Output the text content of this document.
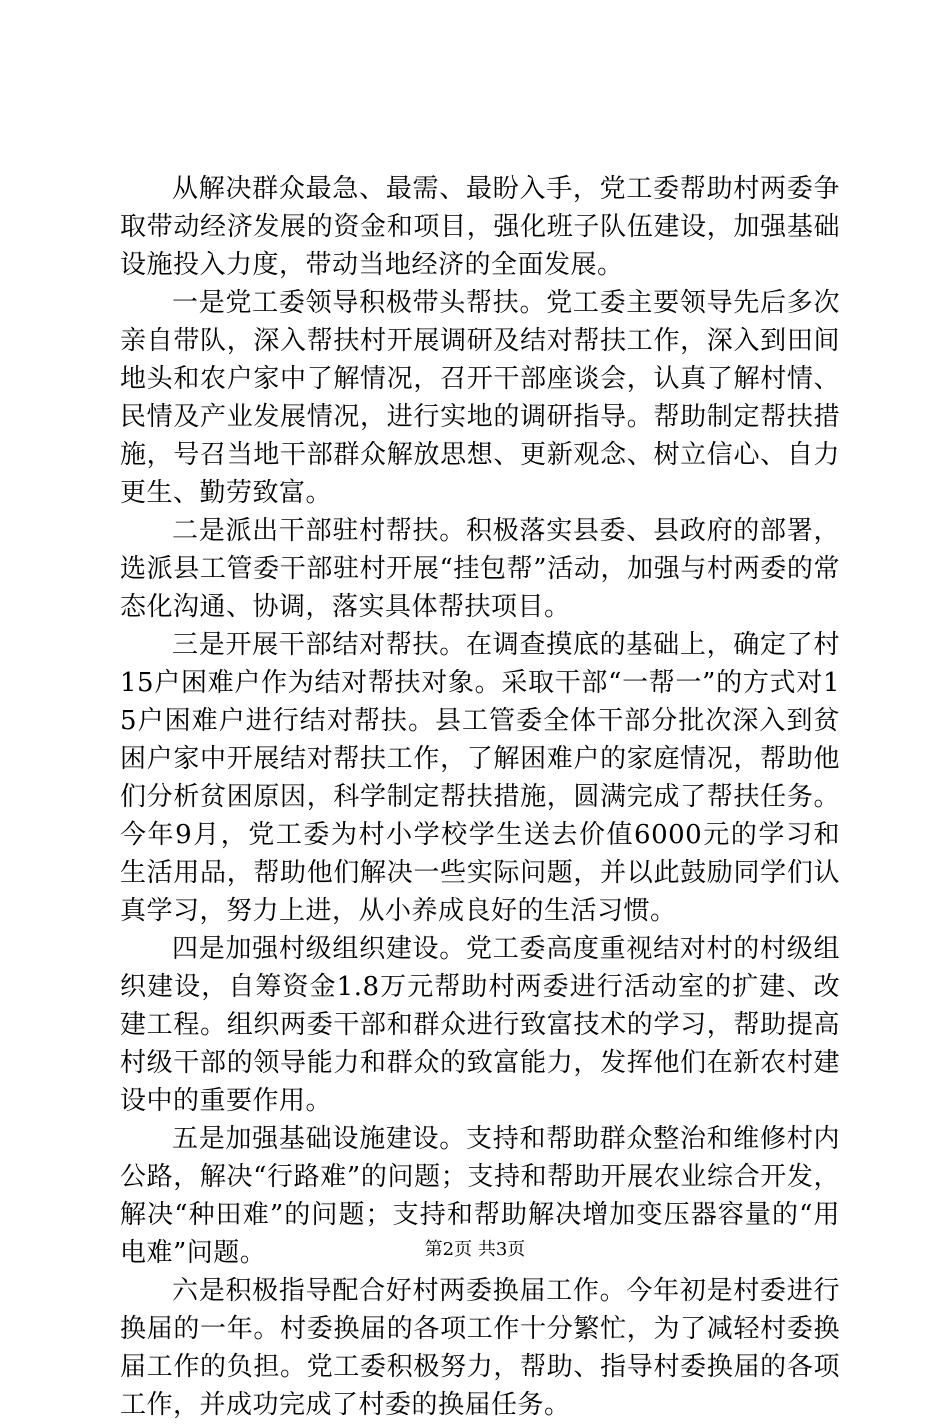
从解决群众最急、最需、最盼入手，党工委帮助村两委争取带动经济发展的资金和项目，强化班子队伍建设，加强基础设施投入力度，带动当地经济的全面发展。

一是党工委领导积极带头帮扶。党工委主要领导先后多次亲自带队，深入帮扶村开展调研及结对帮扶工作，深入到田间地头和农户家中了解情况，召开干部座谈会，认真了解村情、民情及产业发展情况，进行实地的调研指导。帮助制定帮扶措施，号召当地干部群众解放思想、更新观念、树立信心、自力更生、勤劳致富。

二是派出干部驻村帮扶。积极落实县委、县政府的部署，选派县工管委干部驻村开展“挂包帮”活动，加强与村两委的常态化沟通、协调，落实具体帮扶项目。

三是开展干部结对帮扶。在调查摸底的基础上，确定了村15户困难户作为结对帮扶对象。采取干部“一帮一”的方式对15户困难户进行结对帮扶。县工管委全体干部分批次深入到贫困户家中开展结对帮扶工作，了解困难户的家庭情况，帮助他们分析贫困原因，科学制定帮扶措施，圆满完成了帮扶任务。今年9月，党工委为村小学校学生送去价值6000元的学习和生活用品，帮助他们解决一些实际问题，并以此鼓励同学们认真学习，努力上进，从小养成良好的生活习惯。

四是加强村级组织建设。党工委高度重视结对村的村级组织建设，自筹资金1.8万元帮助村两委进行活动室的扩建、改建工程。组织两委干部和群众进行致富技术的学习，帮助提高村级干部的领导能力和群众的致富能力，发挥他们在新农村建设中的重要作用。

五是加强基础设施建设。支持和帮助群众整治和维修村内公路，解决“行路难”的问题；支持和帮助开展农业综合开发，解决“种田难”的问题；支持和帮助解决增加变压器容量的“用电难”问题。

六是积极指导配合好村两委换届工作。今年初是村委进行换届的一年。村委换届的各项工作十分繁忙，为了减轻村委换届工作的负担。党工委积极努力，帮助、指导村委换届的各项工作，并成功完成了村委的换届任务。

第2页 共3页
